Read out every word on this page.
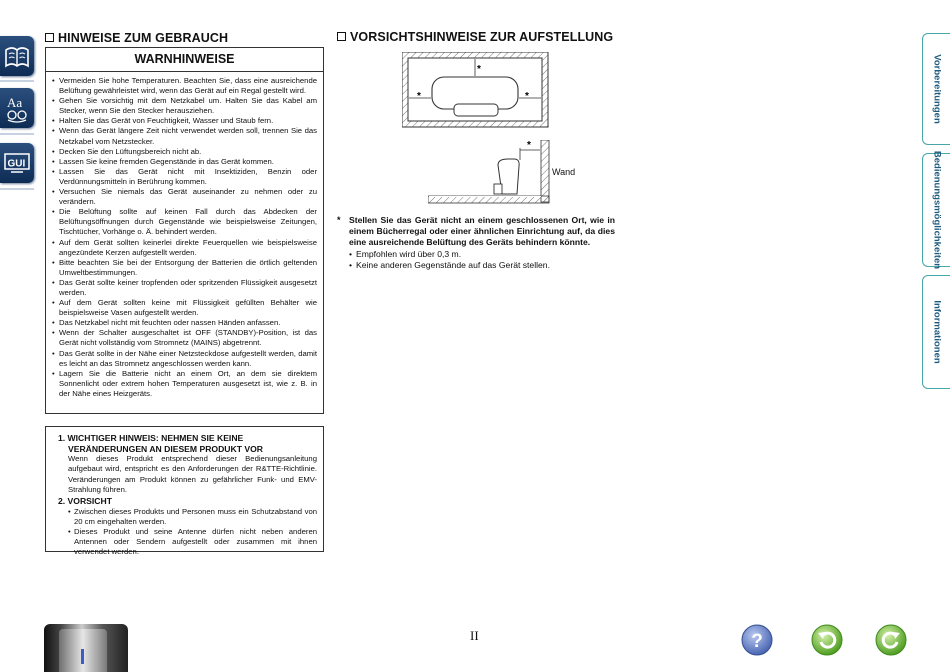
Aa
GUI
HINWEISE ZUM GEBRAUCH
WARNHINWEISE
• Vermeiden Sie hohe Temperaturen. Beachten Sie, dass eine ausreichende Belüftung gewährleistet wird, wenn das Gerät auf ein Regal gestellt wird.
• Gehen Sie vorsichtig mit dem Netzkabel um. Halten Sie das Kabel am Stecker, wenn Sie den Stecker herausziehen.
• Halten Sie das Gerät von Feuchtigkeit, Wasser und Staub fern.
• Wenn das Gerät längere Zeit nicht verwendet werden soll, trennen Sie das Netzkabel vom Netzstecker.
• Decken Sie den Lüftungsbereich nicht ab.
• Lassen Sie keine fremden Gegenstände in das Gerät kommen.
• Lassen Sie das Gerät nicht mit Insektiziden, Benzin oder Verdünnungsmitteln in Berührung kommen.
• Versuchen Sie niemals das Gerät auseinander zu nehmen oder zu verändern.
• Die Belüftung sollte auf keinen Fall durch das Abdecken der Belüftungsöffnungen durch Gegenstände wie beispielsweise Zeitungen, Tischtücher, Vorhänge o. Ä. behindert werden.
• Auf dem Gerät sollten keinerlei direkte Feuerquellen wie beispielsweise angezündete Kerzen aufgestellt werden.
• Bitte beachten Sie bei der Entsorgung der Batterien die örtlich geltenden Umweltbestimmungen.
• Das Gerät sollte keiner tropfenden oder spritzenden Flüssigkeit ausgesetzt werden.
• Auf dem Gerät sollten keine mit Flüssigkeit gefüllten Behälter wie beispielsweise Vasen aufgestellt werden.
• Das Netzkabel nicht mit feuchten oder nassen Händen anfassen.
• Wenn der Schalter ausgeschaltet ist OFF (STANDBY)-Position, ist das Gerät nicht vollständig vom Stromnetz (MAINS) abgetrennt.
• Das Gerät sollte in der Nähe einer Netzsteckdose aufgestellt werden, damit es leicht an das Stromnetz angeschlossen werden kann.
• Lagern Sie die Batterie nicht an einem Ort, an dem sie direktem Sonnenlicht oder extrem hohen Temperaturen ausgesetzt ist, wie z. B. in der Nähe eines Heizgeräts.
1. WICHTIGER HINWEIS: NEHMEN SIE KEINE VERÄNDERUNGEN AN DIESEM PRODUKT VOR
Wenn dieses Produkt entsprechend dieser Bedienungsanleitung aufgebaut wird, entspricht es den Anforderungen der R&TTE-Richtlinie. Veränderungen am Produkt können zu gefährlicher Funk- und EMV-Strahlung führen.
2. VORSICHT
• Zwischen dieses Produkts und Personen muss ein Schutzabstand von 20 cm eingehalten werden.
• Dieses Produkt und seine Antenne dürfen nicht neben anderen Antennen oder Sendern aufgestellt oder zusammen mit ihnen verwendet werden.
VORSICHTSHINWEISE ZUR AUFSTELLUNG
*
*	*
*
Wand
* Stellen Sie das Gerät nicht an einem geschlossenen Ort, wie in einem Bücherregal oder einer ähnlichen Einrichtung auf, da dies eine ausreichende Belüftung des Geräts behindern könnte.
• Empfohlen wird über 0,3 m.
• Keine anderen Gegenstände auf das Gerät stellen.
Vorbereitungen
Bedienungsmöglichkeiten
Informationen
II	?
